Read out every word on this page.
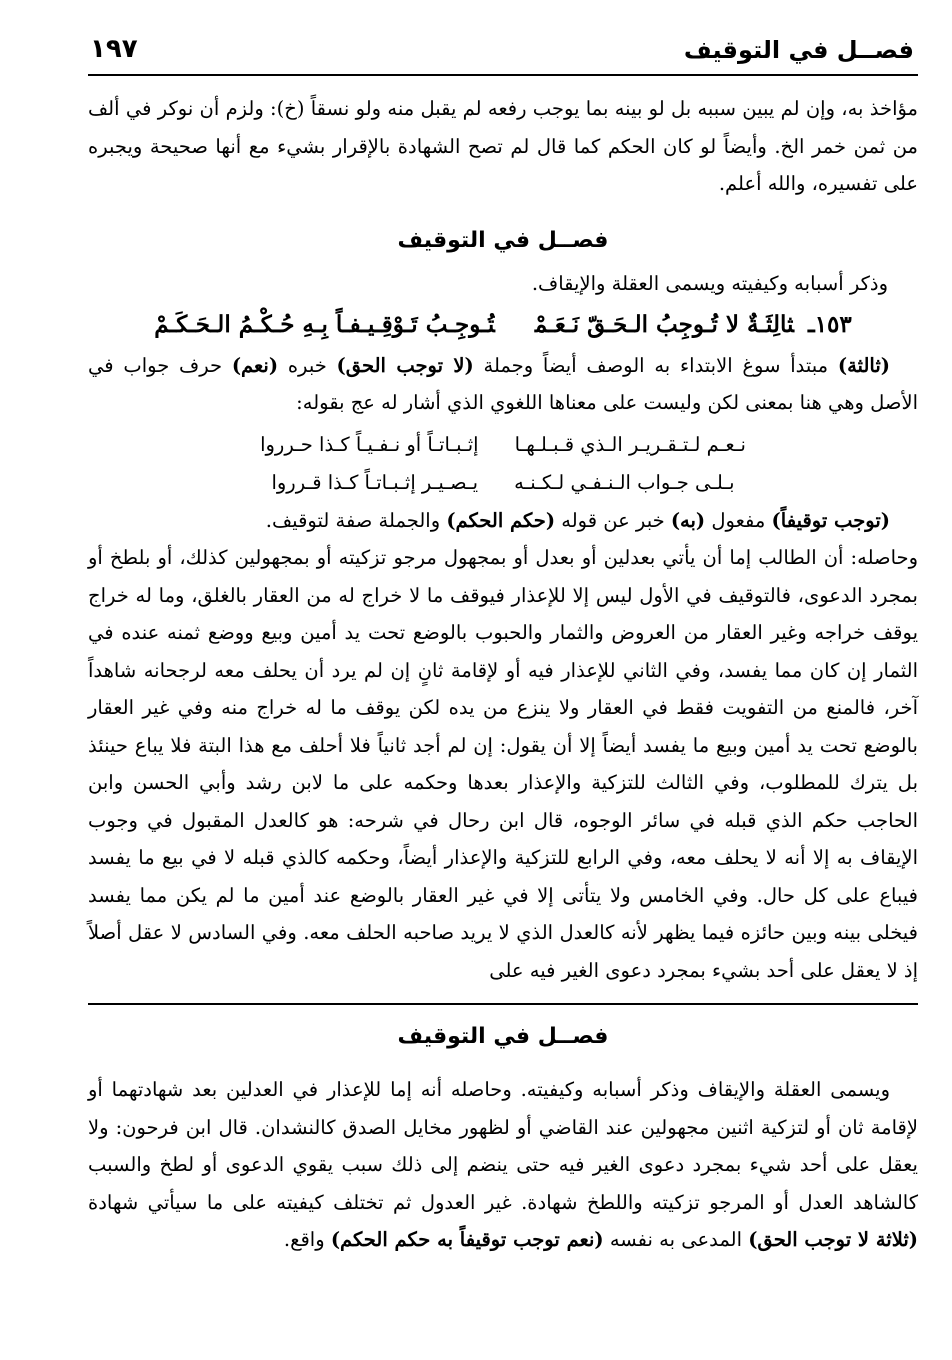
فصــل في التوقيف
١٩٧

مؤاخذ به، وإن لم يبين سببه بل لو بينه بما يوجب رفعه لم يقبل منه ولو نسقاً (خ): ولزم أن نوكر في ألف من ثمن خمر الخ. وأيضاً لو كان الحكم كما قال لم تصح الشهادة بالإقرار بشيء مع أنها صحيحة ويجبره على تفسيره، والله أعلم.

فصــل في التوقيف

وذكر أسبابه وكيفيته ويسمى العقلة والإيقاف.

١٥٣ـثالِثَـةٌ لا تُـوجِبُ الـحَـقّ نَـعَـمْتُـوجِـبُ تَـوْقِـيـفـاً بِـهِ حُـكْـمُ الـحَـكَـمْ

(ثالثة) مبتدأ سوغ الابتداء به الوصف أيضاً وجملة (لا توجب الحق) خبره (نعم) حرف جواب في الأصل وهي هنا بمعنى لكن وليست على معناها اللغوي الذي أشار له عج بقوله:

نـعـم لـتـقـريـر الـذي قـبـلـهـا
إثـبـاتـاً أو نـفـيـاً كـذا حـرروا
بـلـى جـواب الـنـفـي لـكـنـه
يـصـيـر إثـبـاتـاً كـذا قـرروا

(توجب توقيفاً) مفعول (به) خبر عن قوله (حكم الحكم) والجملة صفة لتوقيف.

وحاصله: أن الطالب إما أن يأتي بعدلين أو بعدل أو بمجهول مرجو تزكيته أو بمجهولين كذلك، أو بلطخ أو بمجرد الدعوى، فالتوقيف في الأول ليس إلا للإعذار فيوقف ما لا خراج له من العقار بالغلق، وما له خراج يوقف خراجه وغير العقار من العروض والثمار والحبوب بالوضع تحت يد أمين وبيع ووضع ثمنه عنده في الثمار إن كان مما يفسد، وفي الثاني للإعذار فيه أو لإقامة ثانٍ إن لم يرد أن يحلف معه لرجحانه شاهداً آخر، فالمنع من التفويت فقط في العقار ولا ينزع من يده لكن يوقف ما له خراج منه وفي غير العقار بالوضع تحت يد أمين وبيع ما يفسد أيضاً إلا أن يقول: إن لم أجد ثانياً فلا أحلف مع هذا البتة فلا يباع حينئذ بل يترك للمطلوب، وفي الثالث للتزكية والإعذار بعدها وحكمه على ما لابن رشد وأبي الحسن وابن الحاجب حكم الذي قبله في سائر الوجوه، قال ابن رحال في شرحه: هو كالعدل المقبول في وجوب الإيقاف به إلا أنه لا يحلف معه، وفي الرابع للتزكية والإعذار أيضاً، وحكمه كالذي قبله لا في بيع ما يفسد فيباع على كل حال. وفي الخامس ولا يتأتى إلا في غير العقار بالوضع عند أمين ما لم يكن مما يفسد فيخلى بينه وبين حائزه فيما يظهر لأنه كالعدل الذي لا يريد صاحبه الحلف معه. وفي السادس لا عقل أصلاً إذ لا يعقل على أحد بشيء بمجرد دعوى الغير فيه على

فصــل في التوقيف

ويسمى العقلة والإيقاف وذكر أسبابه وكيفيته. وحاصله أنه إما للإعذار في العدلين بعد شهادتهما أو لإقامة ثان أو لتزكية اثنين مجهولين عند القاضي أو لظهور مخايل الصدق كالنشدان. قال ابن فرحون: ولا يعقل على أحد شيء بمجرد دعوى الغير فيه حتى ينضم إلى ذلك سبب يقوي الدعوى أو لطخ والسبب كالشاهد العدل أو المرجو تزكيته واللطخ شهادة. غير العدول ثم تختلف كيفيته على ما سيأتي شهادة (ثلاثة لا توجب الحق) المدعى به نفسه (نعم توجب توقيفاً به حكم الحكم) واقع.
